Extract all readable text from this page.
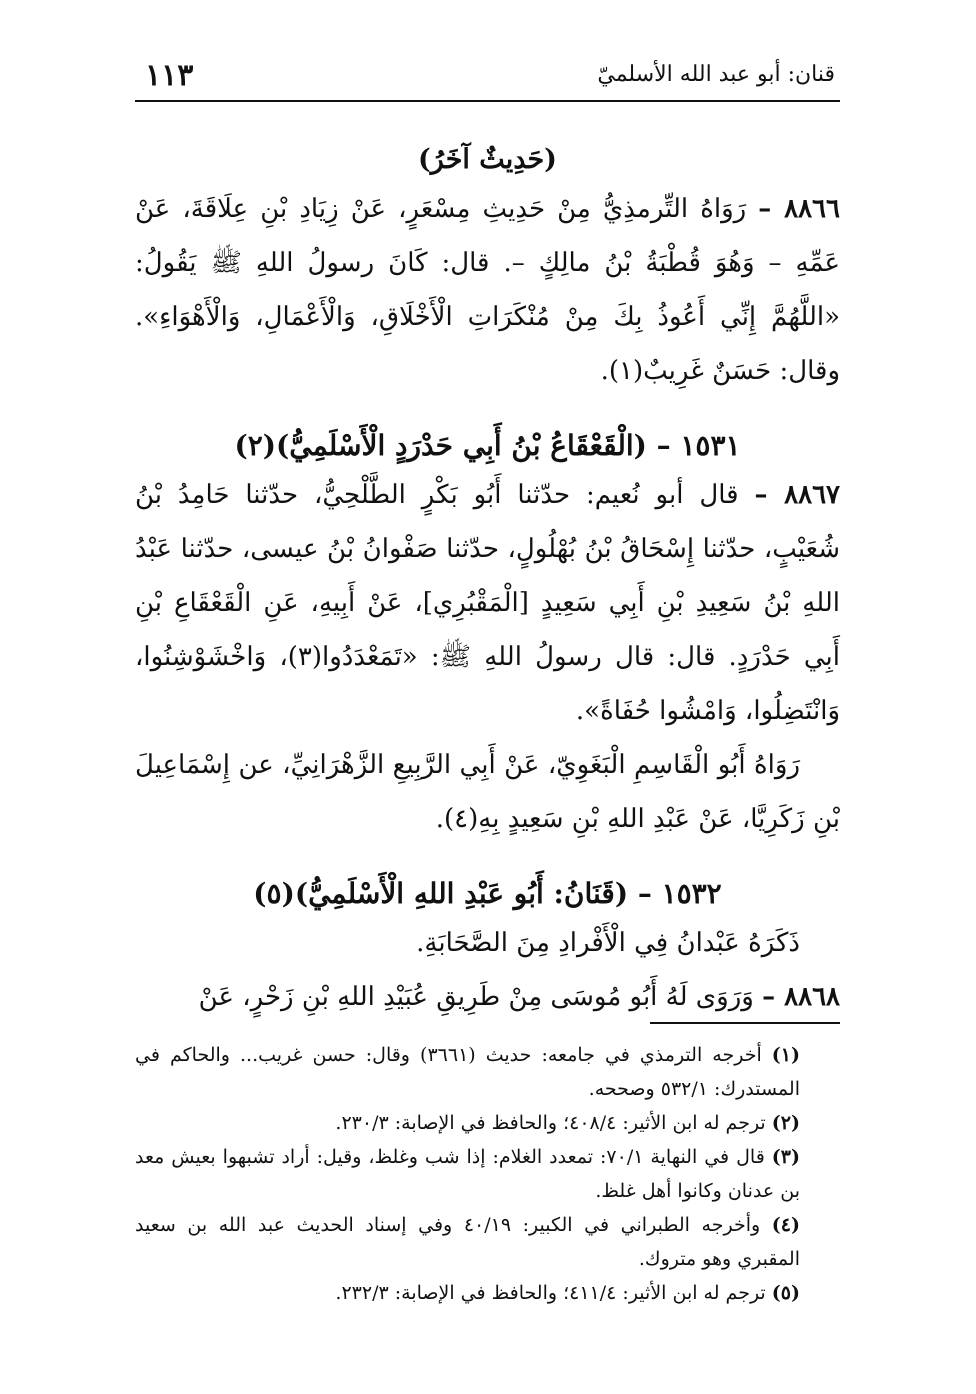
قنان: أبو عبد الله الأسلميّ
١١٣
(حَدِيثٌ آخَرُ)

٨٨٦٦ – رَوَاهُ التِّرمذِيُّ مِنْ حَدِيثِ مِسْعَرٍ، عَنْ زِيَادِ بْنِ عِلَاقَةَ، عَنْ عَمِّهِ – وَهُوَ قُطْبَةُ بْنُ مالِكٍ –. قال: كَانَ رسولُ اللهِ ﷺ يَقُولُ: «اللَّهُمَّ إِنِّي أَعُوذُ بِكَ مِنْ مُنْكَرَاتِ الْأَخْلَاقِ، وَالْأَعْمَالِ، وَالْأَهْوَاءِ». وقال: حَسَنٌ غَرِيبٌ(١).

١٥٣١ – (الْقَعْقَاعُ بْنُ أَبِي حَدْرَدٍ الْأَسْلَمِيُّ)(٢)

٨٨٦٧ – قال أبو نُعيم: حدّثنا أَبُو بَكْرٍ الطَّلْحِيُّ، حدّثنا حَامِدُ بْنُ شُعَيْبٍ، حدّثنا إِسْحَاقُ بْنُ بُهْلُولٍ، حدّثنا صَفْوانُ بْنُ عيسى، حدّثنا عَبْدُ اللهِ بْنُ سَعِيدِ بْنِ أَبِي سَعِيدٍ [الْمَقْبُرِي]، عَنْ أَبِيهِ، عَنِ الْقَعْقَاعِ بْنِ أَبِي حَدْرَدٍ. قال: قال رسولُ اللهِ ﷺ: «تَمَعْدَدُوا(٣)، وَاخْشَوْشِنُوا، وَانْتَضِلُوا، وَامْشُوا حُفَاةً».

رَوَاهُ أَبُو الْقَاسِمِ الْبَغَوِيّ، عَنْ أَبِي الرَّبِيعِ الزَّهْرَانِيِّ، عن إِسْمَاعِيلَ بْنِ زَكَرِيَّا، عَنْ عَبْدِ اللهِ بْنِ سَعِيدٍ بِهِ(٤).

١٥٣٢ – (قَنَانُ: أَبُو عَبْدِ اللهِ الْأَسْلَمِيُّ)(٥)

ذَكَرَهُ عَبْدانُ فِي الْأَفْرادِ مِنَ الصَّحَابَةِ.

٨٨٦٨ – وَرَوَى لَهُ أَبُو مُوسَى مِنْ طَرِيقِ عُبَيْدِ اللهِ بْنِ زَحْرٍ، عَنْ

(١) أخرجه الترمذي في جامعه: حديث (٣٦٦١) وقال: حسن غريب... والحاكم في المستدرك: ٥٣٢/١ وصححه.

(٢) ترجم له ابن الأثير: ٤٠٨/٤؛ والحافظ في الإصابة: ٢٣٠/٣.

(٣) قال في النهاية ٧٠/١: تمعدد الغلام: إذا شب وغلظ، وقيل: أراد تشبهوا بعيش معد بن عدنان وكانوا أهل غلظ.

(٤) وأخرجه الطبراني في الكبير: ٤٠/١٩ وفي إسناد الحديث عبد الله بن سعيد المقبري وهو متروك.

(٥) ترجم له ابن الأثير: ٤١١/٤؛ والحافظ في الإصابة: ٢٣٢/٣.
